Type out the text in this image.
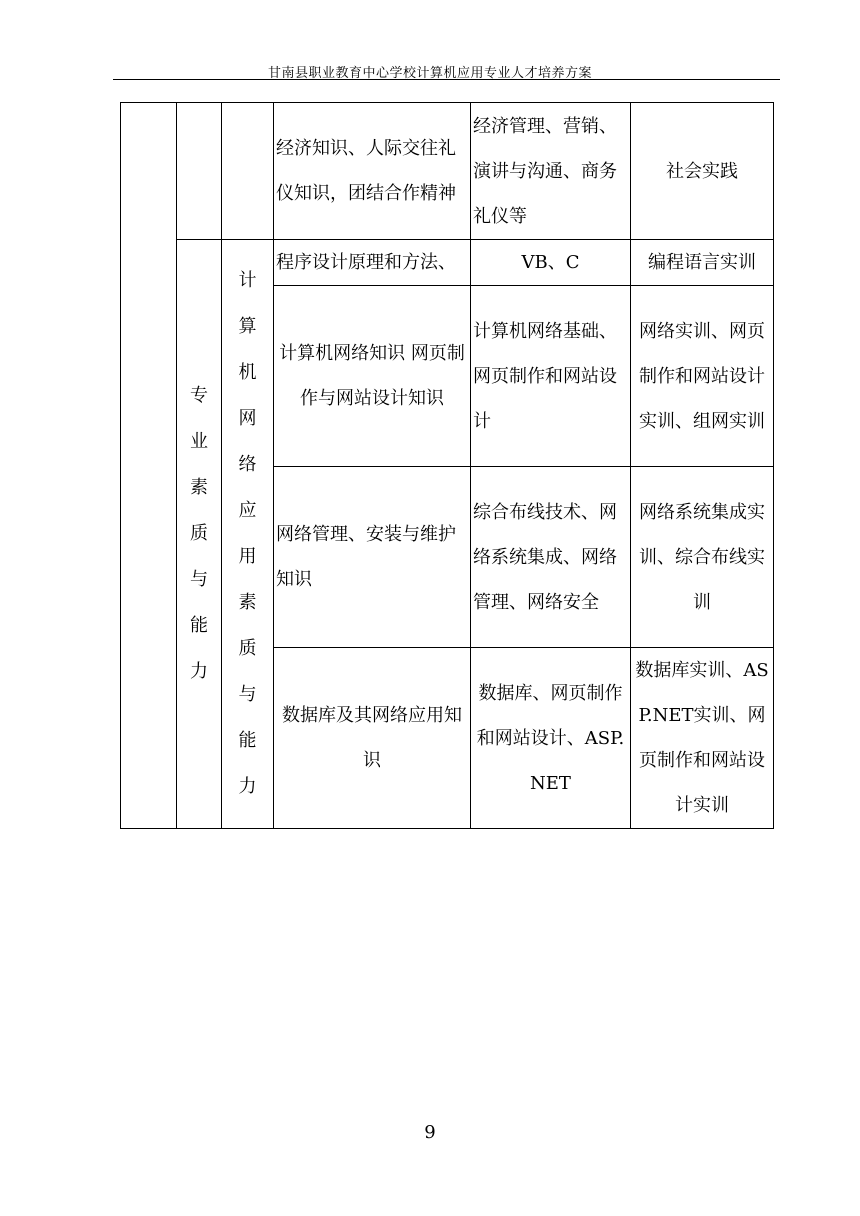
甘南县职业教育中心学校计算机应用专业人才培养方案
			经济知识、人际交往礼仪知识，团结合作精神	经济管理、营销、演讲与沟通、商务礼仪等	社会实践

	专业素质与能力	计算机网络应用素质与能力	程序设计原理和方法、	VB、C	编程语言实训
			计算机网络知识 网页制作与网站设计知识	计算机网络基础、网页制作和网站设计	网络实训、网页制作和网站设计实训、组网实训
			网络管理、安装与维护知识	综合布线技术、网络系统集成、网络管理、网络安全	网络系统集成实训、综合布线实训
			数据库及其网络应用知识	数据库、网页制作和网站设计、ASP.NET	数据库实训、ASP.NET实训、网页制作和网站设计实训
9
